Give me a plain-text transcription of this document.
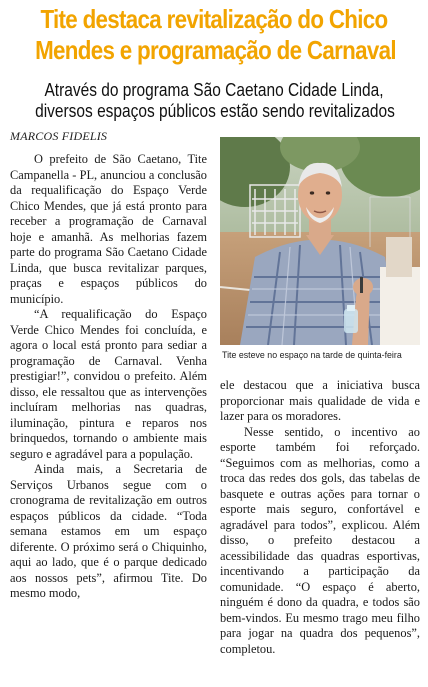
Tite destaca revitalização do Chico
Mendes e programação de Carnaval
Através do programa São Caetano Cidade Linda,
diversos espaços públicos estão sendo revitalizados
MARCOS FIDELIS

O prefeito de São Caetano, Tite Campanella - PL, anunciou a conclusão da requalificação do Espaço Verde Chico Mendes, que já está pronto para receber a programação de Carnaval hoje e amanhã. As melhorias fazem parte do programa São Caetano Cidade Linda, que busca revitalizar parques, praças e espaços públicos do município.

“A requalificação do Espaço Verde Chico Mendes foi concluída, e agora o local está pronto para sediar a programação de Carnaval. Venha prestigiar!”, convidou o prefeito. Além disso, ele ressaltou que as intervenções incluíram melhorias nas quadras, iluminação, pintura e reparos nos brinquedos, tornando o ambiente mais seguro e agradável para a população.

Ainda mais, a Secretaria de Serviços Urbanos segue com o cronograma de revitalização em outros espaços públicos da cidade. “Toda semana estamos em um espaço diferente. O próximo será o Chiquinho, aqui ao lado, que é o parque dedicado aos nossos pets”, afirmou Tite. Do mesmo modo,

Tite esteve no espaço na tarde de quinta-feira

ele destacou que a iniciativa busca proporcionar mais qualidade de vida e lazer para os moradores.

Nesse sentido, o incentivo ao esporte também foi reforçado. “Seguimos com as melhorias, como a troca das redes dos gols, das tabelas de basquete e outras ações para tornar o esporte mais seguro, confortável e agradável para todos”, explicou. Além disso, o prefeito destacou a acessibilidade das quadras esportivas, incentivando a participação da comunidade. “O espaço é aberto, ninguém é dono da quadra, e todos são bem-vindos. Eu mesmo trago meu filho para jogar na quadra dos pequenos”, completou.
